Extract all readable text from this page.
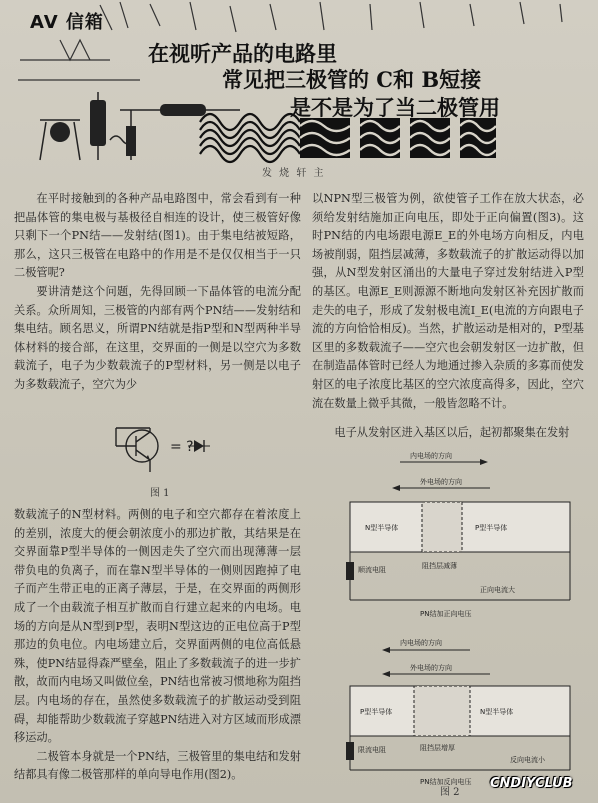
AV 信箱
在视听产品的电路里
常见把三极管的 C和 B短接
是不是为了当二极管用
发 烧 轩 主

在平时接触到的各种产品电路图中，常会看到有一种把晶体管的集电极与基极径自相连的设计，使三极管好像只剩下一个PN结——发射结(图1)。由于集电结被短路，那么，这只三极管在电路中的作用是不是仅仅相当于一只二极管呢?

要讲清楚这个问题，先得回顾一下晶体管的电流分配关系。众所周知，三极管的内部有两个PN结——发射结和集电结。顾名思义，所谓PN结就是指P型和N型两种半导体材料的接合部，在这里，交界面的一侧是以空穴为多数载流子，电子为少数载流子的P型材料，另一侧是以电子为多数载流子，空穴为少

= ?
图 1

数载流子的N型材料。两侧的电子和空穴都存在着浓度上的差别，浓度大的便会朝浓度小的那边扩散，其结果是在交界面靠P型半导体的一侧因走失了空穴而出现薄薄一层带负电的负离子，而在靠N型半导体的一侧则因跑掉了电子而产生带正电的正离子薄层，于是，在交界面的两侧形成了一个由载流子相互扩散而自行建立起来的内电场。电场的方向是从N型到P型，表明N型这边的正电位高于P型那边的负电位。内电场建立后，交界面两侧的电位高低悬殊，使PN结显得森严壁垒，阻止了多数载流子的进一步扩散，故而内电场又叫做位垒，PN结也常被习惯地称为阻挡层。内电场的存在，虽然使多数载流子的扩散运动受到阻碍，却能帮助少数载流子穿越PN结进入对方区域而形成漂移运动。

二极管本身就是一个PN结，三极管里的集电结和发射结都具有像二极管那样的单向导电作用(图2)。

以NPN型三极管为例，欲使管子工作在放大状态，必须给发射结施加正向电压，即处于正向偏置(图3)。这时PN结的内电场跟电源E_E的外电场方向相反，内电场被削弱，阻挡层减薄，多数载流子的扩散运动得以加强，从N型发射区涌出的大量电子穿过发射结进入P型的基区。电源E_E则源源不断地向发射区补充因扩散而走失的电子，形成了发射极电流I_E(电流的方向跟电子流的方向恰恰相反)。当然，扩散运动是相对的，P型基区里的多数载流子——空穴也会朝发射区一边扩散，但在制造晶体管时已经人为地通过掺入杂质的多寡而使发射区的电子浓度比基区的空穴浓度高得多，因此，空穴流在数量上微乎其微，一般皆忽略不计。

电子从发射区进入基区以后，起初都聚集在发射

内电场的方向
外电场的方向
N型半导体	P型半导体
顺流电阻	阻挡层减薄
正向电流大
PN结加正向电压
内电场的方向
外电场的方向
P型半导体	N型半导体
限流电阻	阻挡层增厚
反向电流小
PN结加反向电压
图 2
CNDIYCLUB
